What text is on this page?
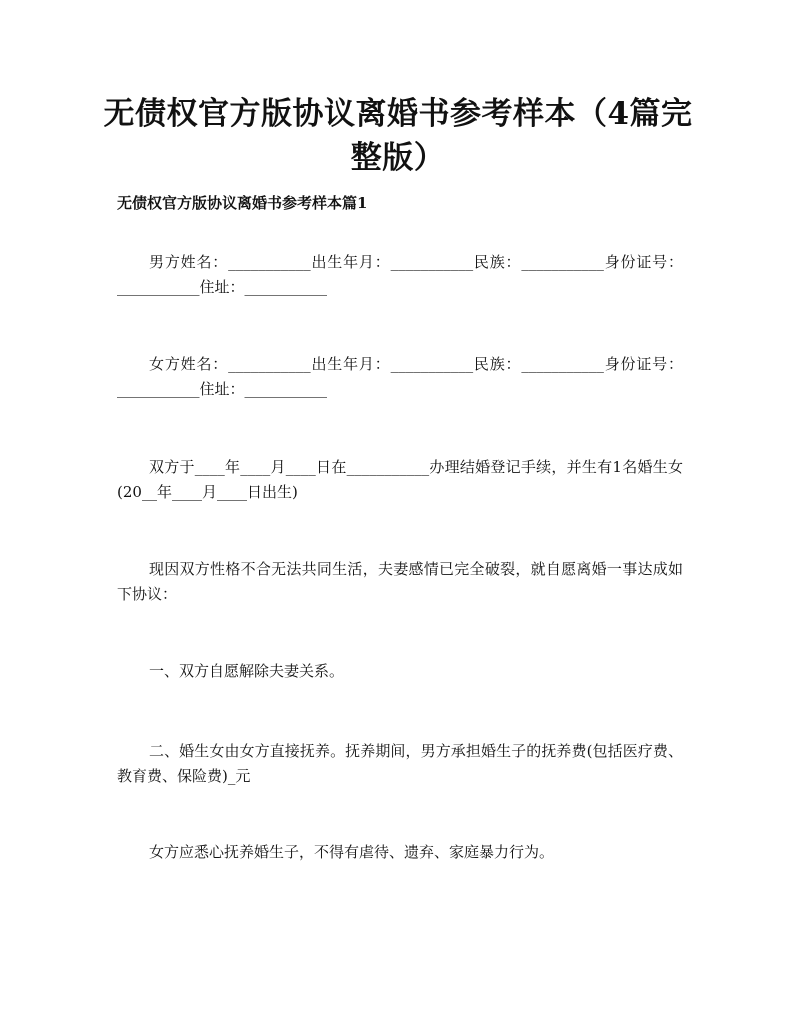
无债权官方版协议离婚书参考样本（4篇完整版）
无债权官方版协议离婚书参考样本篇1

男方姓名：___________出生年月：___________民族：___________身份证号：___________住址：___________

女方姓名：___________出生年月：___________民族：___________身份证号：___________住址：___________

双方于____年____月____日在___________办理结婚登记手续，并生有1名婚生女(20__年____月____日出生)

现因双方性格不合无法共同生活，夫妻感情已完全破裂，就自愿离婚一事达成如下协议：

一、双方自愿解除夫妻关系。

二、婚生女由女方直接抚养。抚养期间，男方承担婚生子的抚养费(包括医疗费、教育费、保险费)_元

女方应悉心抚养婚生子，不得有虐待、遗弃、家庭暴力行为。
